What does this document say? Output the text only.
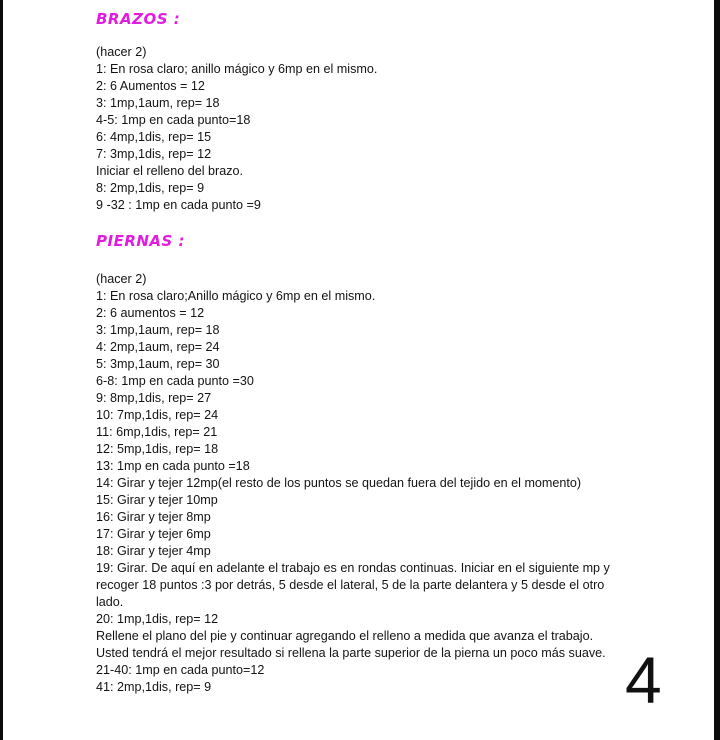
BRAZOS :
(hacer 2)
1: En rosa claro; anillo mágico y 6mp en el mismo.
2: 6 Aumentos = 12
3: 1mp,1aum, rep= 18
4-5: 1mp en cada punto=18
6: 4mp,1dis, rep= 15
7: 3mp,1dis, rep= 12
Iniciar el relleno del brazo.
8: 2mp,1dis, rep= 9
9 -32 : 1mp en cada punto =9
PIERNAS :
(hacer 2)
1: En rosa claro;Anillo mágico y 6mp en el mismo.
2: 6 aumentos = 12
3: 1mp,1aum, rep= 18
4: 2mp,1aum, rep= 24
5: 3mp,1aum, rep= 30
6-8: 1mp en cada punto =30
9: 8mp,1dis, rep= 27
10: 7mp,1dis, rep= 24
11: 6mp,1dis, rep= 21
12: 5mp,1dis, rep= 18
13: 1mp en cada punto =18
14: Girar y tejer 12mp(el resto de los puntos se quedan fuera del tejido en el momento)
15: Girar y tejer 10mp
16: Girar y tejer 8mp
17: Girar y tejer 6mp
18: Girar y tejer 4mp
19: Girar. De aquí en adelante el trabajo es en rondas continuas. Iniciar en el siguiente mp y
recoger 18 puntos :3 por detrás, 5 desde el lateral, 5 de la parte delantera y 5 desde el otro
lado.
20: 1mp,1dis, rep= 12
Rellene el plano del pie y continuar agregando el relleno a medida que avanza el trabajo.
Usted tendrá el mejor resultado si rellena la parte superior de la pierna un poco más suave.
21-40: 1mp en cada punto=12
41: 2mp,1dis, rep= 9	4
